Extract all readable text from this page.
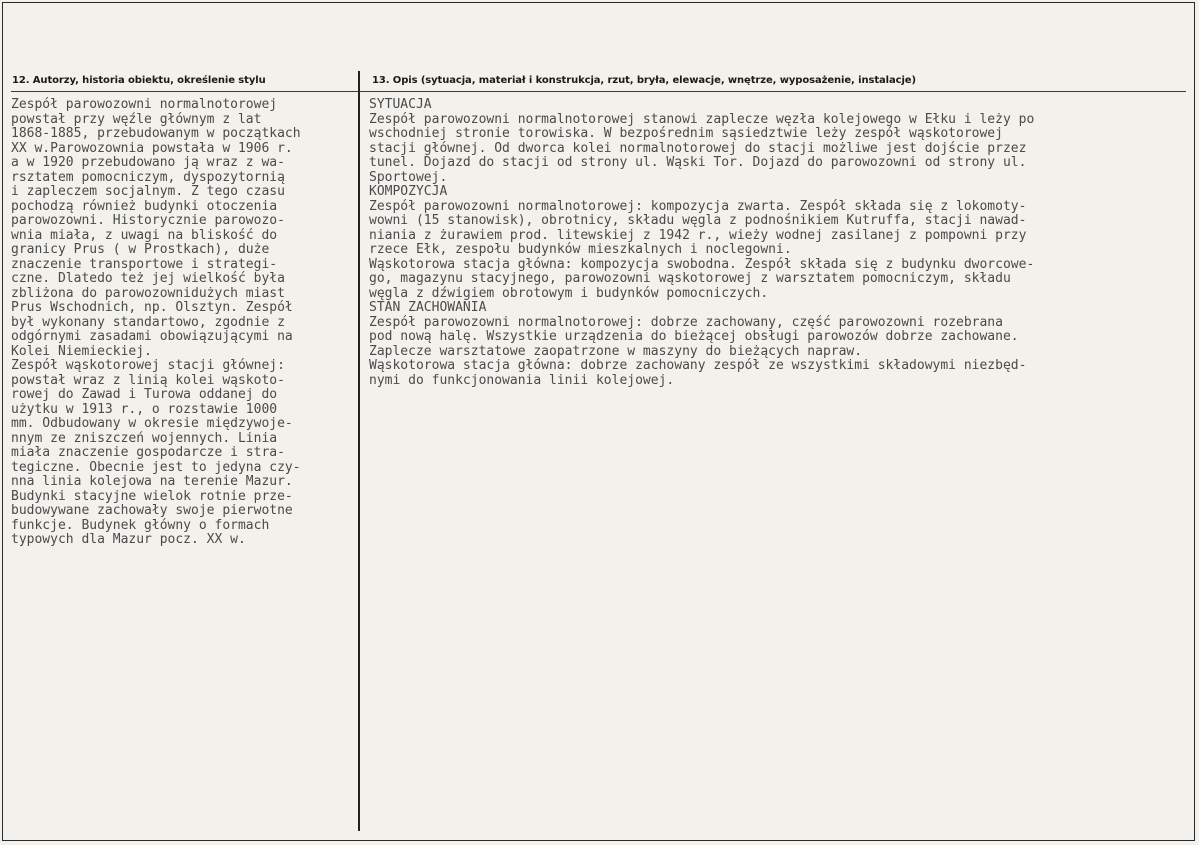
12. Autorzy, historia obiektu, określenie stylu	13. Opis (sytuacja, materiał i konstrukcja, rzut, bryła, elewacje, wnętrze, wyposażenie, instalacje)
Zespół parowozowni normalnotorowej
powstał przy węźle głównym z lat
1868-1885, przebudowanym w początkach
XX w.Parowozownia powstała w 1906 r.
a w 1920 przebudowano ją wraz z wa-
rsztatem pomocniczym, dyspozytornią
i zapleczem socjalnym. Z tego czasu
pochodzą również budynki otoczenia
parowozowni. Historycznie parowozo-
wnia miała, z uwagi na bliskość do
granicy Prus ( w Prostkach), duże
znaczenie transportowe i strategi-
czne. Dlatedo też jej wielkość była
zbliżona do parowozownidużych miast
Prus Wschodnich, np. Olsztyn. Zespół
był wykonany standartowo, zgodnie z
odgórnymi zasadami obowiązującymi na
Kolei Niemieckiej.
Zespół wąskotorowej stacji głównej:
powstał wraz z linią kolei wąskoto-
rowej do Zawad i Turowa oddanej do
użytku w 1913 r., o rozstawie 1000
mm. Odbudowany w okresie międzywoje-
nnym ze zniszczeń wojennych. Linia
miała znaczenie gospodarcze i stra-
tegiczne. Obecnie jest to jedyna czy-
nna linia kolejowa na terenie Mazur.
Budynki stacyjne wielok rotnie prze-
budowywane zachowały swoje pierwotne
funkcje. Budynek główny o formach
typowych dla Mazur pocz. XX w.
SYTUACJA
Zespół parowozowni normalnotorowej stanowi zaplecze węzła kolejowego w Ełku i leży po
wschodniej stronie torowiska. W bezpośrednim sąsiedztwie leży zespół wąskotorowej
stacji głównej. Od dworca kolei normalnotorowej do stacji możliwe jest dojście przez
tunel. Dojazd do stacji od strony ul. Wąski Tor. Dojazd do parowozowni od strony ul.
Sportowej.
KOMPOZYCJA
Zespół parowozowni normalnotorowej: kompozycja zwarta. Zespół składa się z lokomoty-
wowni (15 stanowisk), obrotnicy, składu węgla z podnośnikiem Kutruffa, stacji nawad-
niania z żurawiem prod. litewskiej z 1942 r., wieży wodnej zasilanej z pompowni przy
rzece Ełk, zespołu budynków mieszkalnych i noclegowni.
Wąskotorowa stacja główna: kompozycja swobodna. Zespół składa się z budynku dworcowe-
go, magazynu stacyjnego, parowozowni wąskotorowej z warsztatem pomocniczym, składu
węgla z dźwigiem obrotowym i budynków pomocniczych.
STAN ZACHOWANIA
Zespół parowozowni normalnotorowej: dobrze zachowany, część parowozowni rozebrana
pod nową halę. Wszystkie urządzenia do bieżącej obsługi parowozów dobrze zachowane.
Zaplecze warsztatowe zaopatrzone w maszyny do bieżących napraw.
Wąskotorowa stacja główna: dobrze zachowany zespół ze wszystkimi składowymi niezbęd-
nymi do funkcjonowania linii kolejowej.
